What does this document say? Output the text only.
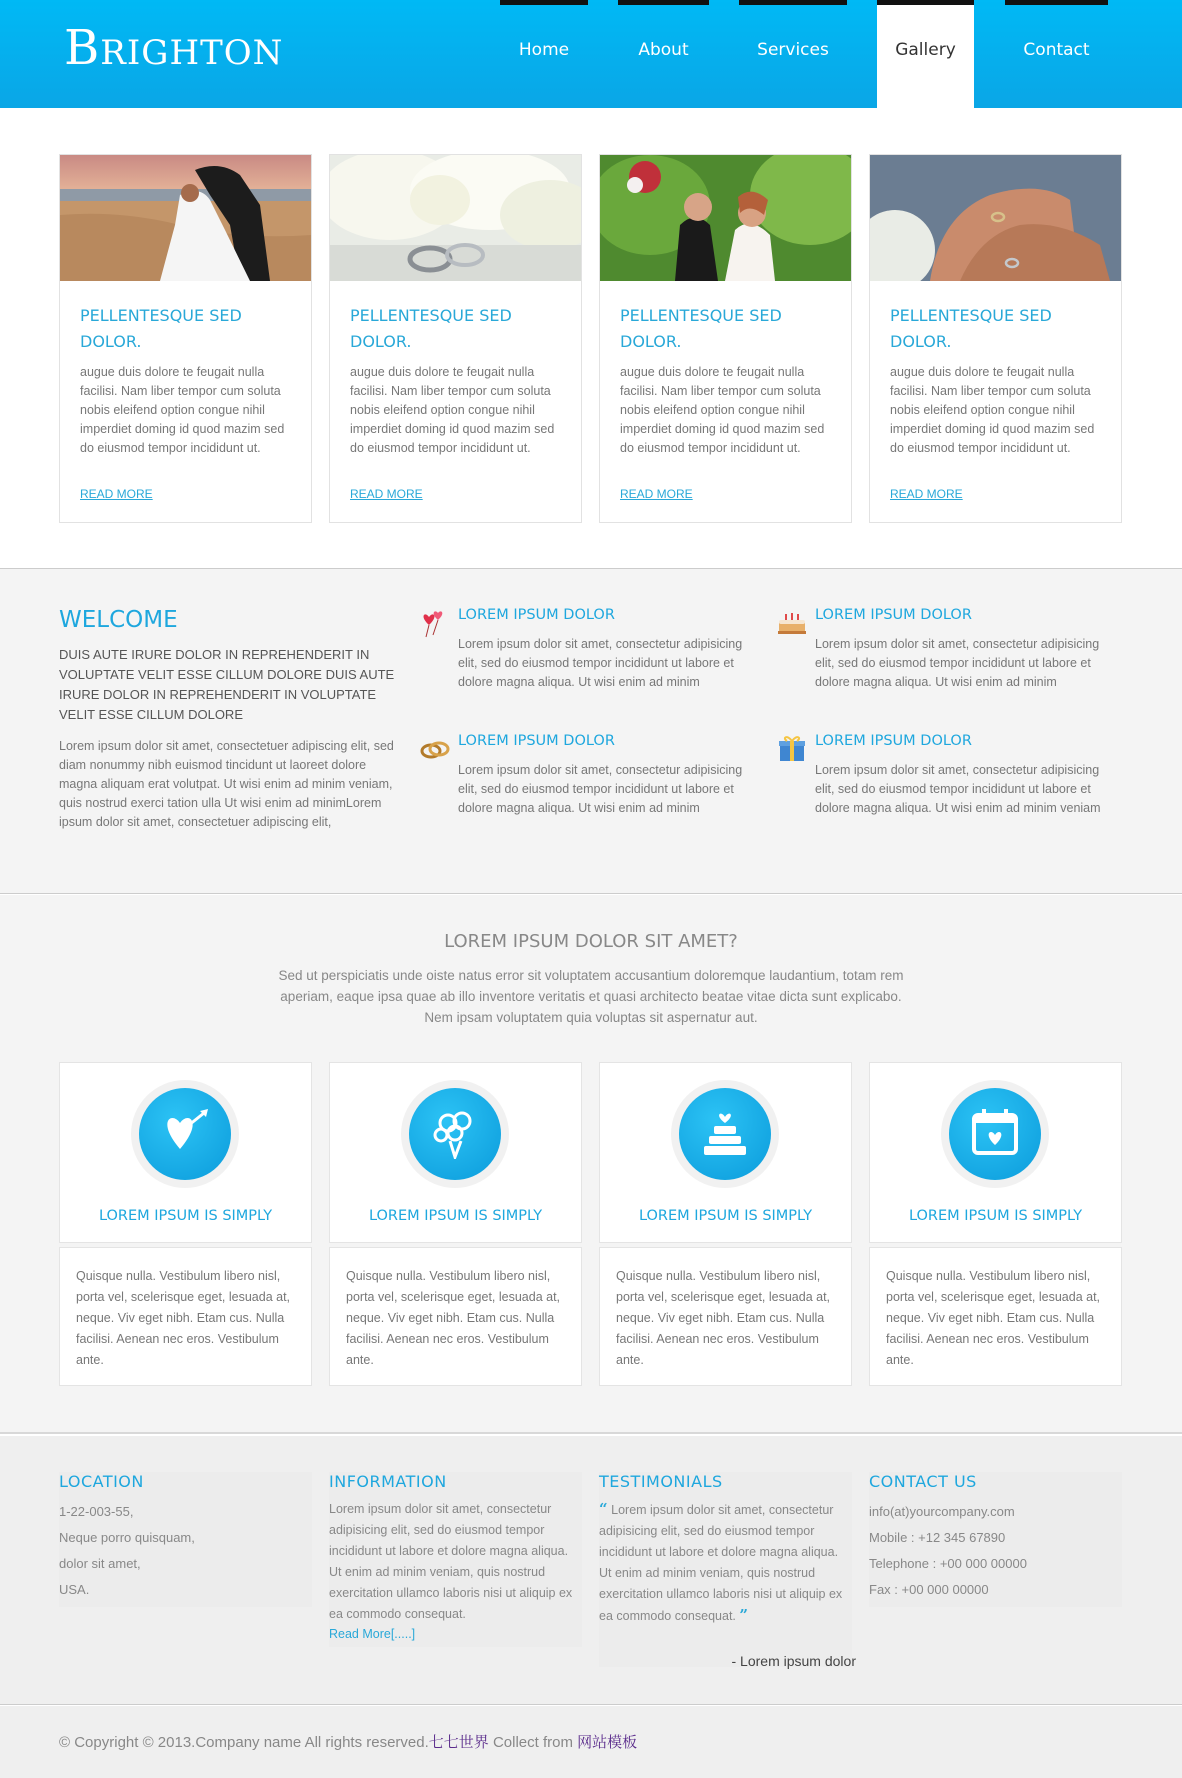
Brighton	Home	About	Services	Gallery	Contact
PELLENTESQUE SED DOLOR.

augue duis dolore te feugait nulla facilisi. Nam liber tempor cum soluta nobis eleifend option congue nihil imperdiet doming id quod mazim sed do eiusmod tempor incididunt ut.

READ MORE
PELLENTESQUE SED DOLOR.

augue duis dolore te feugait nulla facilisi. Nam liber tempor cum soluta nobis eleifend option congue nihil imperdiet doming id quod mazim sed do eiusmod tempor incididunt ut.

READ MORE
PELLENTESQUE SED DOLOR.

augue duis dolore te feugait nulla facilisi. Nam liber tempor cum soluta nobis eleifend option congue nihil imperdiet doming id quod mazim sed do eiusmod tempor incididunt ut.

READ MORE
PELLENTESQUE SED DOLOR.

augue duis dolore te feugait nulla facilisi. Nam liber tempor cum soluta nobis eleifend option congue nihil imperdiet doming id quod mazim sed do eiusmod tempor incididunt ut.

READ MORE
WELCOME
DUIS AUTE IRURE DOLOR IN REPREHENDERIT IN VOLUPTATE VELIT ESSE CILLUM DOLORE DUIS AUTE IRURE DOLOR IN REPREHENDERIT IN VOLUPTATE VELIT ESSE CILLUM DOLORE
Lorem ipsum dolor sit amet, consectetuer adipiscing elit, sed diam nonummy nibh euismod tincidunt ut laoreet dolore magna aliquam erat volutpat. Ut wisi enim ad minim veniam, quis nostrud exerci tation ulla Ut wisi enim ad minimLorem ipsum dolor sit amet, consectetuer adipiscing elit,
LOREM IPSUM DOLOR

Lorem ipsum dolor sit amet, consectetur adipisicing elit, sed do eiusmod tempor incididunt ut labore et dolore magna aliqua. Ut wisi enim ad minim

LOREM IPSUM DOLOR

Lorem ipsum dolor sit amet, consectetur adipisicing elit, sed do eiusmod tempor incididunt ut labore et dolore magna aliqua. Ut wisi enim ad minim

LOREM IPSUM DOLOR

Lorem ipsum dolor sit amet, consectetur adipisicing elit, sed do eiusmod tempor incididunt ut labore et dolore magna aliqua. Ut wisi enim ad minim

LOREM IPSUM DOLOR

Lorem ipsum dolor sit amet, consectetur adipisicing elit, sed do eiusmod tempor incididunt ut labore et dolore magna aliqua. Ut wisi enim ad minim veniam

LOREM IPSUM DOLOR SIT AMET?
Sed ut perspiciatis unde oiste natus error sit voluptatem accusantium doloremque laudantium, totam rem aperiam, eaque ipsa quae ab illo inventore veritatis et quasi architecto beatae vitae dicta sunt explicabo. Nem ipsam voluptatem quia voluptas sit aspernatur aut.
LOREM IPSUM IS SIMPLY	LOREM IPSUM IS SIMPLY	LOREM IPSUM IS SIMPLY	LOREM IPSUM IS SIMPLY

Quisque nulla. Vestibulum libero nisl, porta vel, scelerisque eget, lesuada at, neque. Viv eget nibh. Etam cus. Nulla facilisi. Aenean nec eros. Vestibulum ante.

Quisque nulla. Vestibulum libero nisl, porta vel, scelerisque eget, lesuada at, neque. Viv eget nibh. Etam cus. Nulla facilisi. Aenean nec eros. Vestibulum ante.

Quisque nulla. Vestibulum libero nisl, porta vel, scelerisque eget, lesuada at, neque. Viv eget nibh. Etam cus. Nulla facilisi. Aenean nec eros. Vestibulum ante.

Quisque nulla. Vestibulum libero nisl, porta vel, scelerisque eget, lesuada at, neque. Viv eget nibh. Etam cus. Nulla facilisi. Aenean nec eros. Vestibulum ante.

LOCATION
1-22-003-55,
Neque porro quisquam,
dolor sit amet,
USA.
INFORMATION

Lorem ipsum dolor sit amet, consectetur adipisicing elit, sed do eiusmod tempor incididunt ut labore et dolore magna aliqua. Ut enim ad minim veniam, quis nostrud exercitation ullamco laboris nisi ut aliquip ex ea commodo consequat.

Read More[.....]
TESTIMONIALS

“ Lorem ipsum dolor sit amet, consectetur adipisicing elit, sed do eiusmod tempor incididunt ut labore et dolore magna aliqua. Ut enim ad minim veniam, quis nostrud exercitation ullamco laboris nisi ut aliquip ex ea commodo consequat. ”

- Lorem ipsum dolor
CONTACT US
info(at)yourcompany.com
Mobile : +12 345 67890
Telephone : +00 000 00000
Fax : +00 000 00000
© Copyright © 2013.Company name All rights reserved.七七世界 Collect from 网站模板
